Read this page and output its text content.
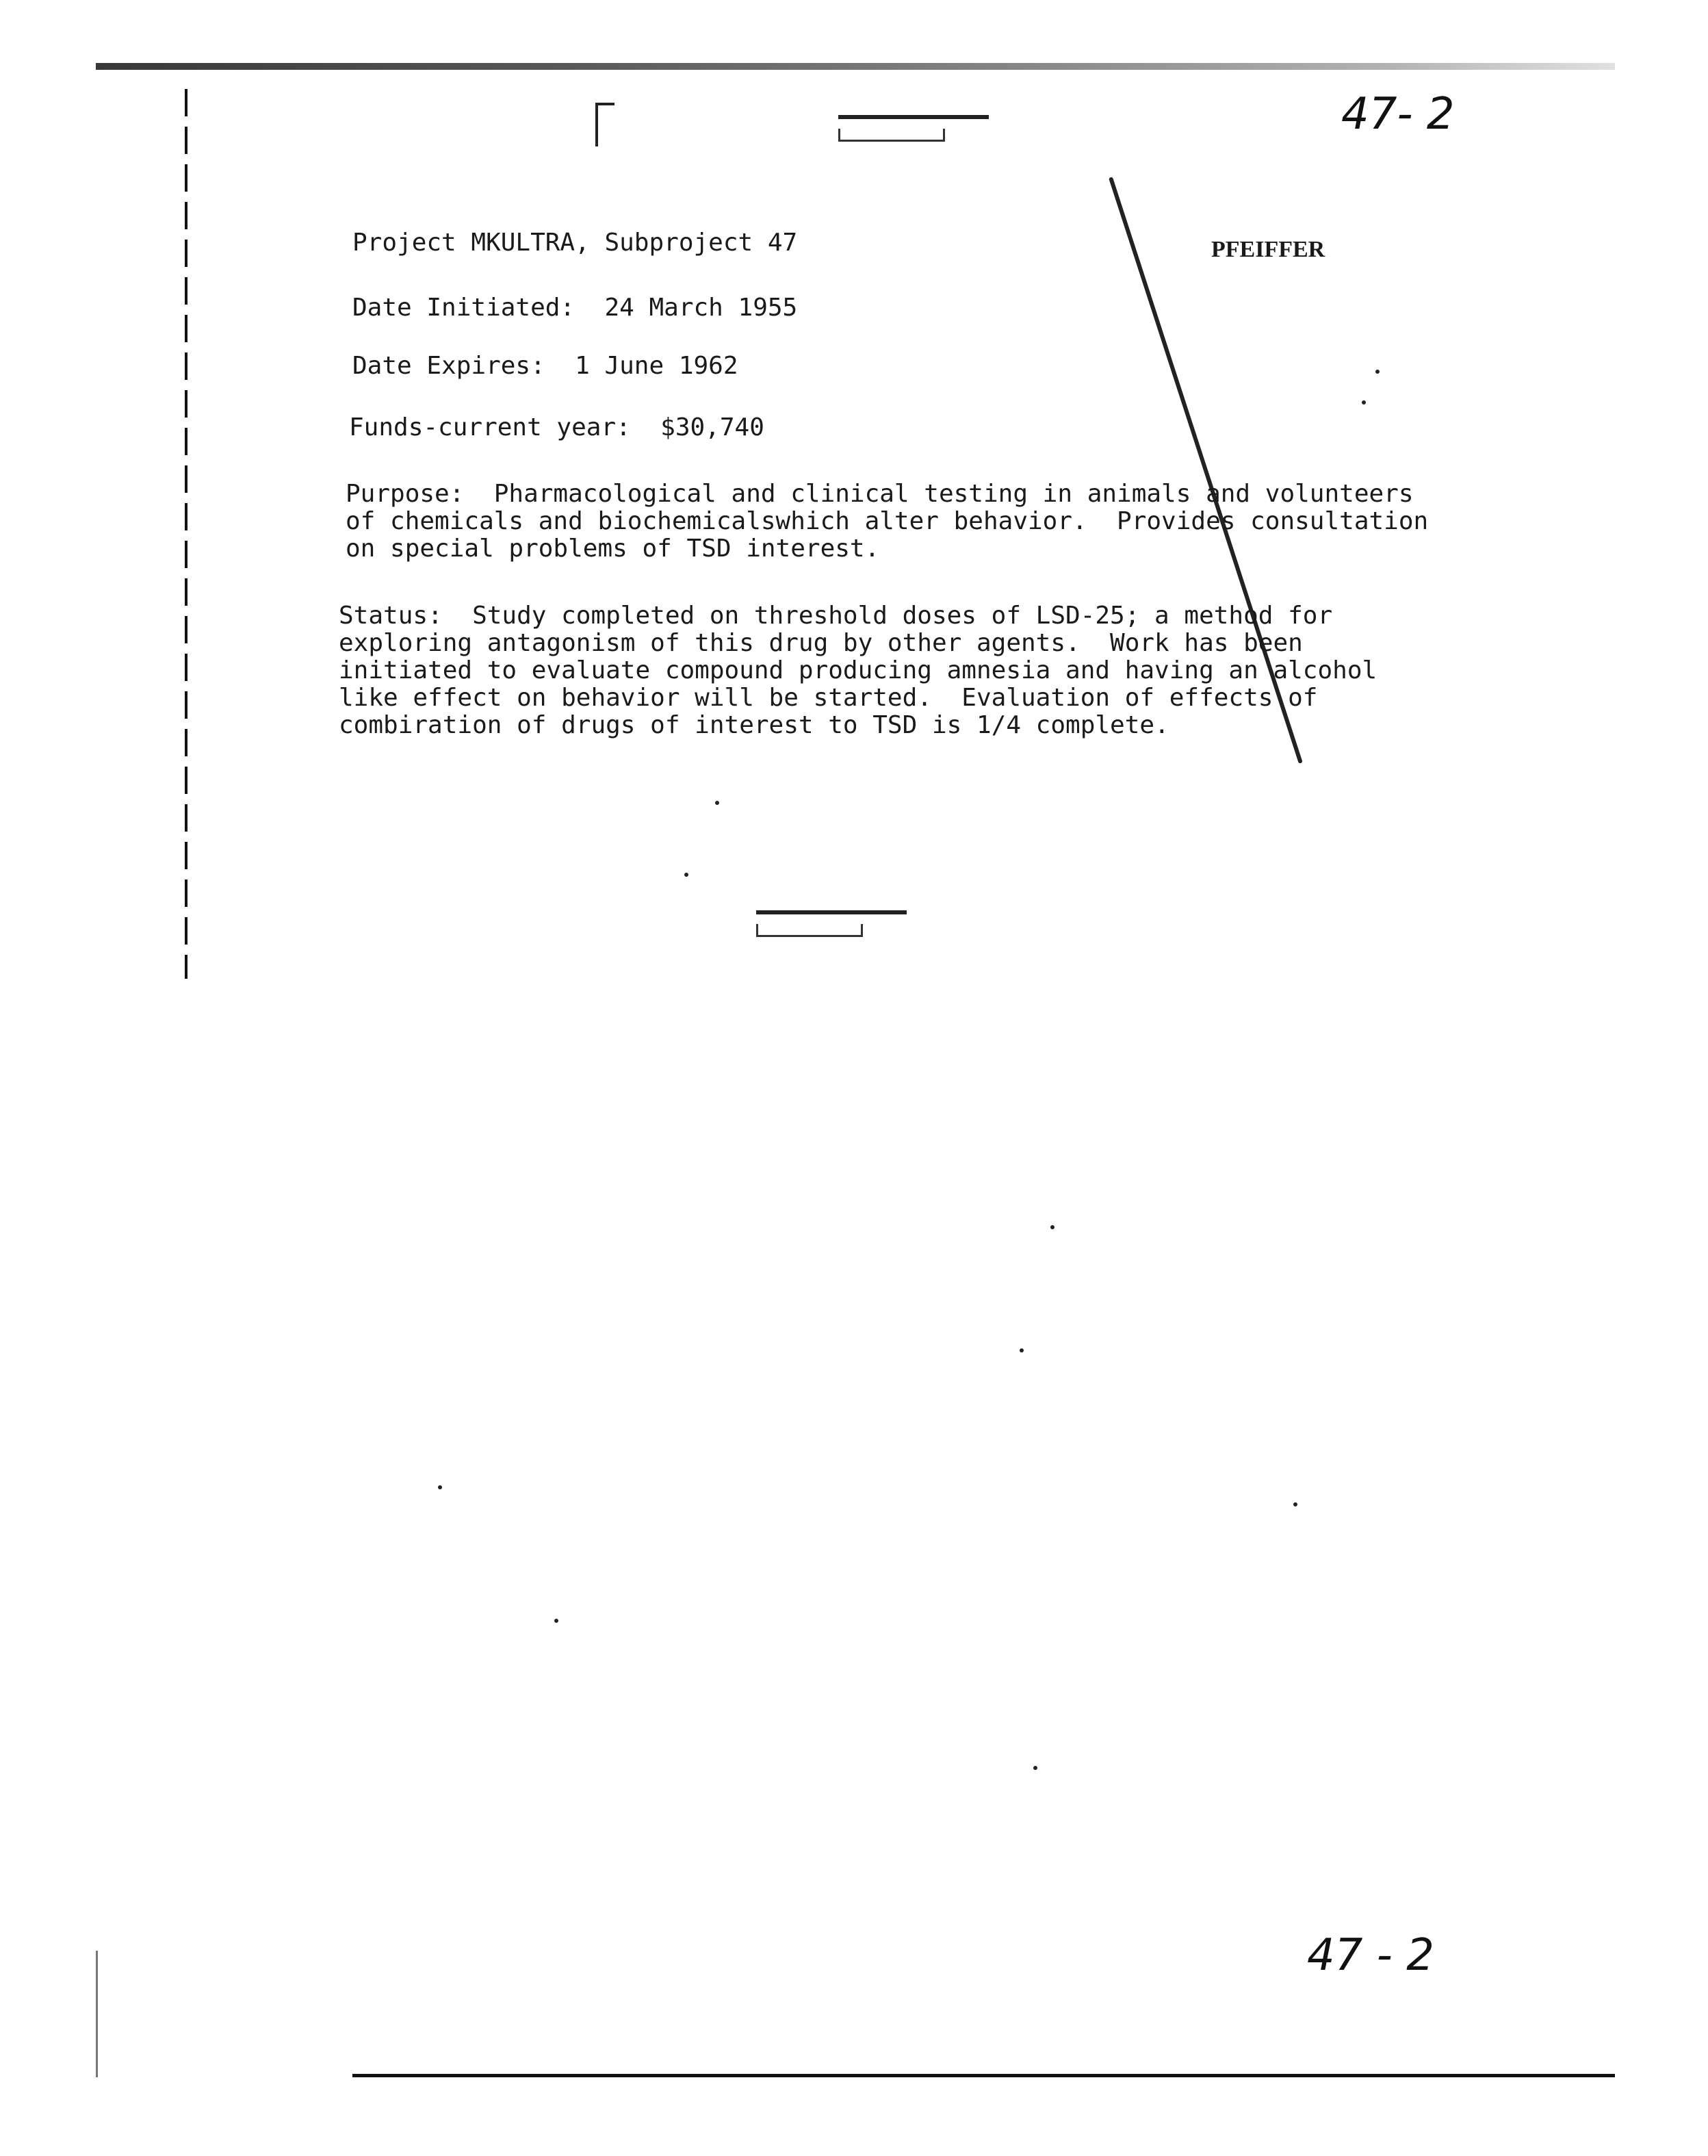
47- 2
47 - 2
PFEIFFER
Project MKULTRA, Subproject 47
Date Initiated:  24 March 1955
Date Expires:  1 June 1962
Funds-current year:  $30,740
Purpose:  Pharmacological and clinical testing in animals and volunteers
of chemicals and biochemicalswhich alter behavior.  Provides consultation
on special problems of TSD interest.
Status:  Study completed on threshold doses of LSD-25; a method for
exploring antagonism of this drug by other agents.  Work has been
initiated to evaluate compound producing amnesia and having an alcohol
like effect on behavior will be started.  Evaluation of effects of
combiration of drugs of interest to TSD is 1/4 complete.
